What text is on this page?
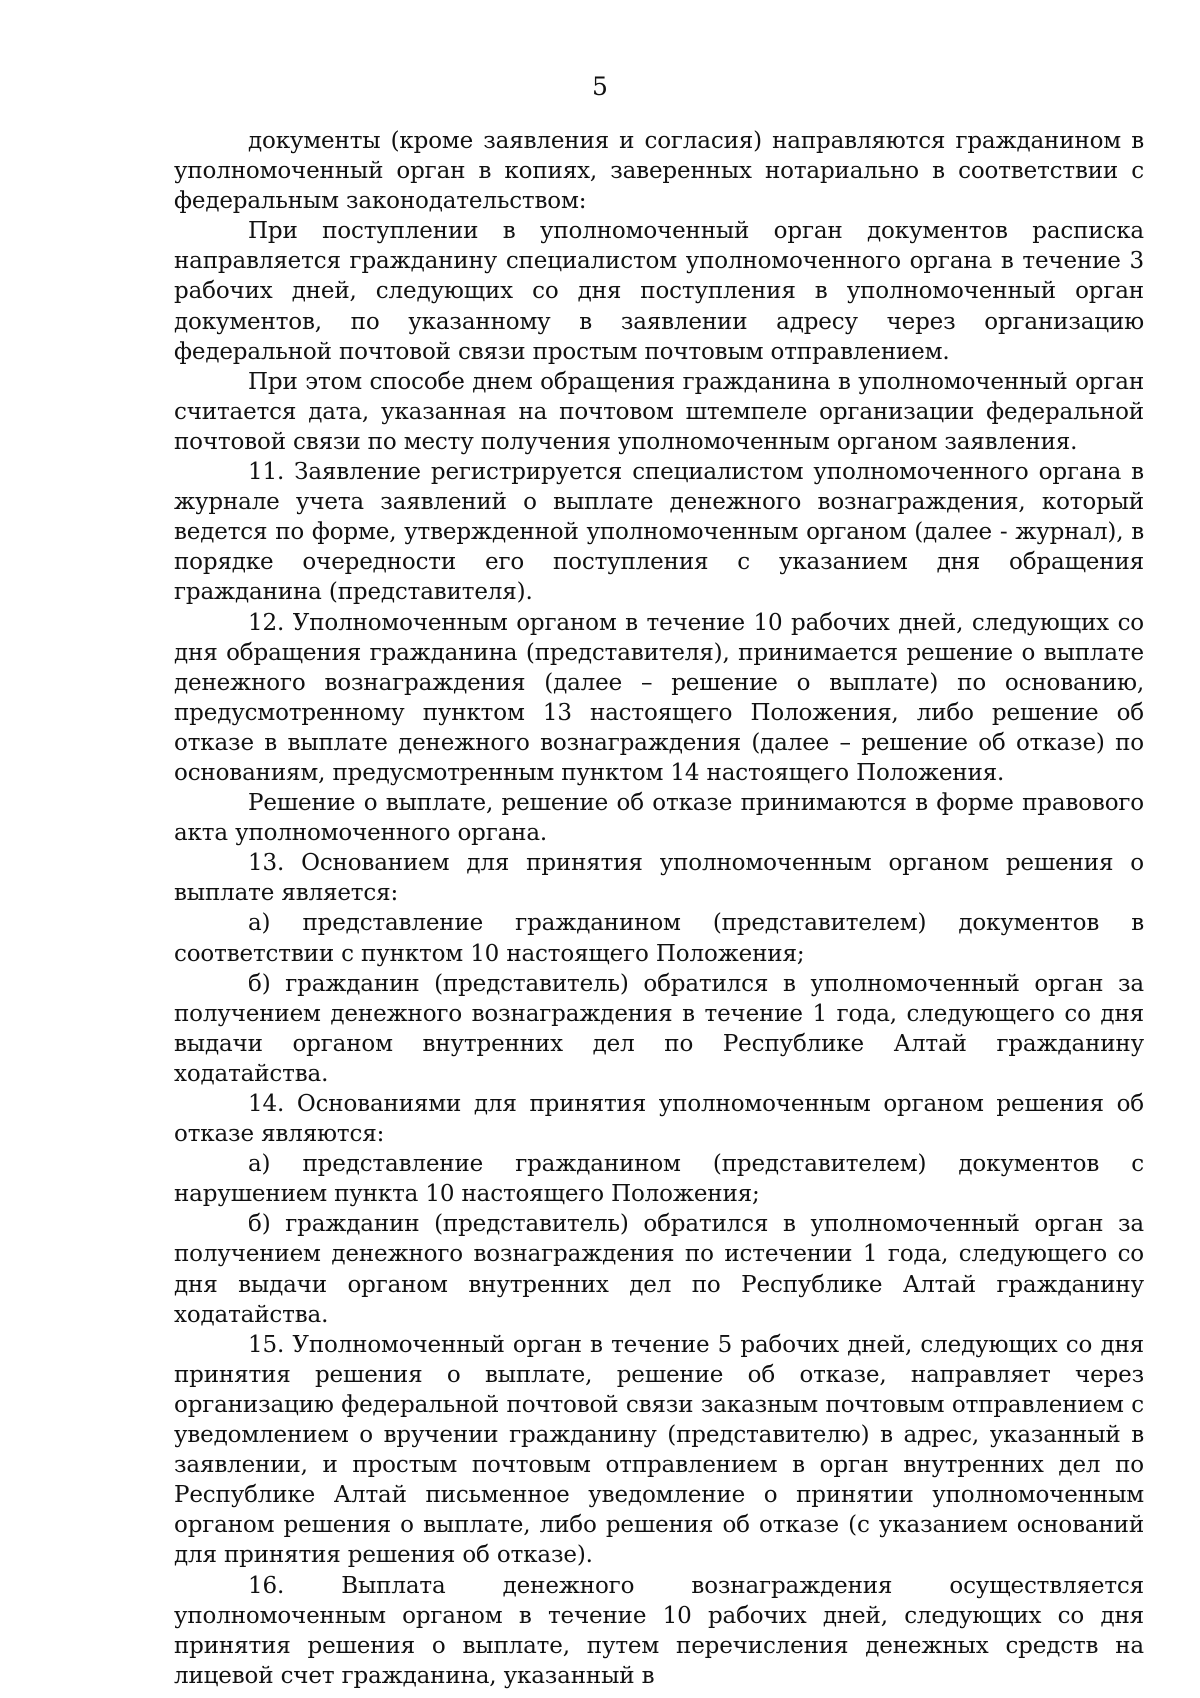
5

документы (кроме заявления и согласия) направляются гражданином в уполномоченный орган в копиях, заверенных нотариально в соответствии с федеральным законодательством:

При поступлении в уполномоченный орган документов расписка направляется гражданину специалистом уполномоченного органа в течение 3 рабочих дней, следующих со дня поступления в уполномоченный орган документов, по указанному в заявлении адресу через организацию федеральной почтовой связи простым почтовым отправлением.

При этом способе днем обращения гражданина в уполномоченный орган считается дата, указанная на почтовом штемпеле организации федеральной почтовой связи по месту получения уполномоченным органом заявления.

11. Заявление регистрируется специалистом уполномоченного органа в журнале учета заявлений о выплате денежного вознаграждения, который ведется по форме, утвержденной уполномоченным органом (далее - журнал), в порядке очередности его поступления с указанием дня обращения гражданина (представителя).

12. Уполномоченным органом в течение 10 рабочих дней, следующих со дня обращения гражданина (представителя), принимается решение о выплате денежного вознаграждения (далее – решение о выплате) по основанию, предусмотренному пунктом 13 настоящего Положения, либо решение об отказе в выплате денежного вознаграждения (далее – решение об отказе) по основаниям, предусмотренным пунктом 14 настоящего Положения.

Решение о выплате, решение об отказе принимаются в форме правового акта уполномоченного органа.

13. Основанием для принятия уполномоченным органом решения о выплате является:

а) представление гражданином (представителем) документов в соответствии с пунктом 10 настоящего Положения;

б) гражданин (представитель) обратился в уполномоченный орган за получением денежного вознаграждения в течение 1 года, следующего со дня выдачи органом внутренних дел по Республике Алтай гражданину ходатайства.

14. Основаниями для принятия уполномоченным органом решения об отказе являются:

а) представление гражданином (представителем) документов с нарушением пункта 10 настоящего Положения;

б) гражданин (представитель) обратился в уполномоченный орган за получением денежного вознаграждения по истечении 1 года, следующего со дня выдачи органом внутренних дел по Республике Алтай гражданину ходатайства.

15. Уполномоченный орган в течение 5 рабочих дней, следующих со дня принятия решения о выплате, решение об отказе, направляет через организацию федеральной почтовой связи заказным почтовым отправлением с уведомлением о вручении гражданину (представителю) в адрес, указанный в заявлении, и простым почтовым отправлением в орган внутренних дел по Республике Алтай письменное уведомление о принятии уполномоченным органом решения о выплате, либо решения об отказе (с указанием оснований для принятия решения об отказе).

16. Выплата денежного вознаграждения осуществляется уполномоченным органом в течение 10 рабочих дней, следующих со дня принятия решения о выплате, путем перечисления денежных средств на лицевой счет гражданина, указанный в
